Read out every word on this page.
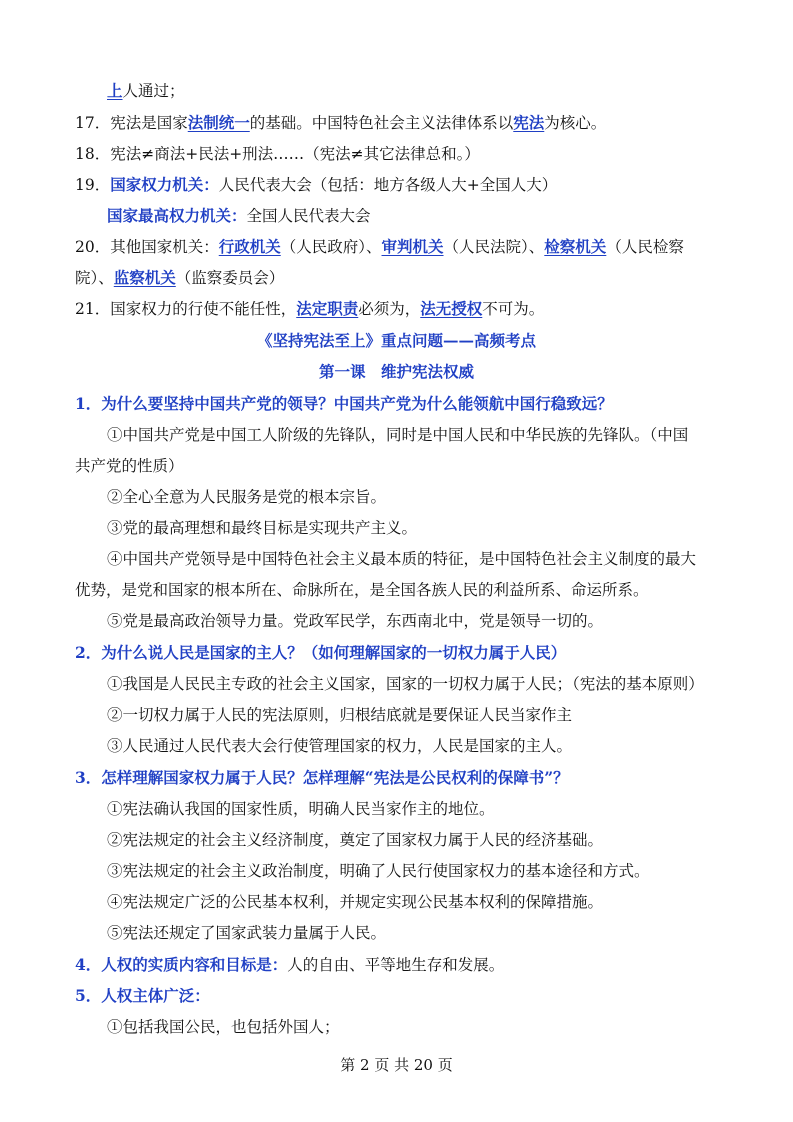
上人通过；
17．宪法是国家法制统一的基础。中国特色社会主义法律体系以宪法为核心。
18．宪法≠商法+民法+刑法……（宪法≠其它法律总和。）
19．国家权力机关：人民代表大会（包括：地方各级人大+全国人大）
国家最高权力机关：全国人民代表大会
20．其他国家机关：行政机关（人民政府）、审判机关（人民法院）、检察机关（人民检察
院）、监察机关（监察委员会）
21．国家权力的行使不能任性，法定职责必须为，法无授权不可为。
《坚持宪法至上》重点问题——高频考点
第一课　维护宪法权威
1．为什么要坚持中国共产党的领导？中国共产党为什么能领航中国行稳致远？
①中国共产党是中国工人阶级的先锋队，同时是中国人民和中华民族的先锋队。（中国
共产党的性质）
②全心全意为人民服务是党的根本宗旨。
③党的最高理想和最终目标是实现共产主义。
④中国共产党领导是中国特色社会主义最本质的特征，是中国特色社会主义制度的最大
优势，是党和国家的根本所在、命脉所在，是全国各族人民的利益所系、命运所系。
⑤党是最高政治领导力量。党政军民学，东西南北中，党是领导一切的。
2．为什么说人民是国家的主人？（如何理解国家的一切权力属于人民）
①我国是人民民主专政的社会主义国家，国家的一切权力属于人民；（宪法的基本原则）
②一切权力属于人民的宪法原则，归根结底就是要保证人民当家作主
③人民通过人民代表大会行使管理国家的权力，人民是国家的主人。
3．怎样理解国家权力属于人民？怎样理解“宪法是公民权利的保障书”？
①宪法确认我国的国家性质，明确人民当家作主的地位。
②宪法规定的社会主义经济制度，奠定了国家权力属于人民的经济基础。
③宪法规定的社会主义政治制度，明确了人民行使国家权力的基本途径和方式。
④宪法规定广泛的公民基本权利，并规定实现公民基本权利的保障措施。
⑤宪法还规定了国家武装力量属于人民。
4．人权的实质内容和目标是：人的自由、平等地生存和发展。
5．人权主体广泛：
①包括我国公民，也包括外国人；
第 2 页 共 20 页
